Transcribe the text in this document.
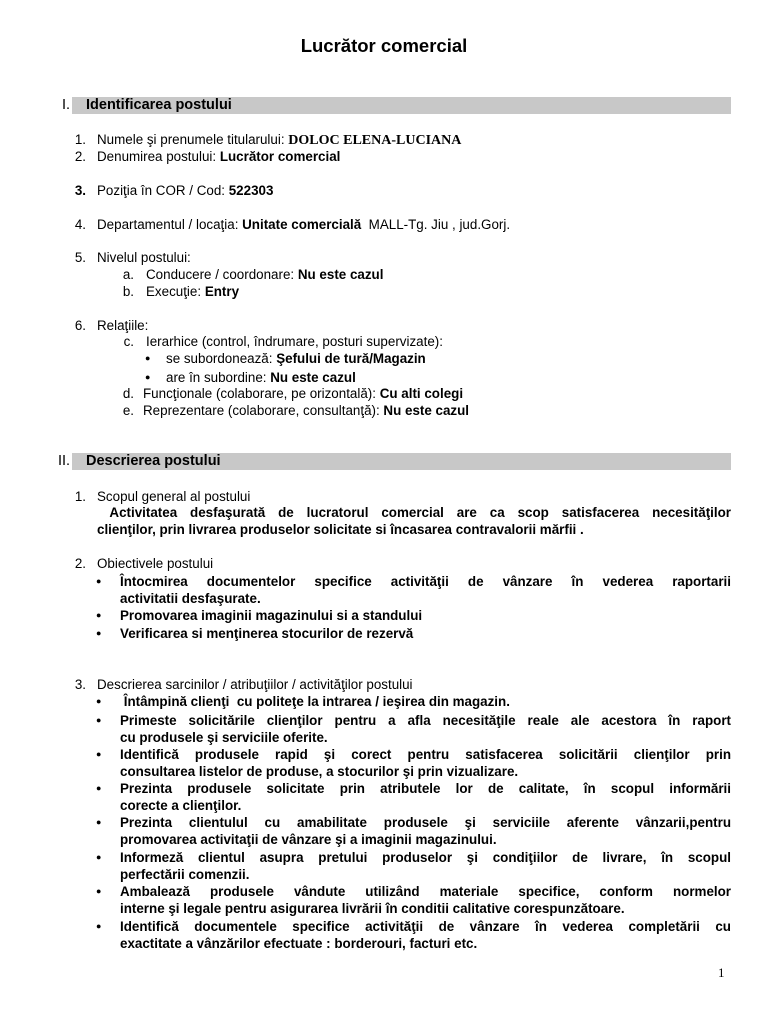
Lucrător comercial
I. Identificarea postului
1. Numele şi prenumele titularului: DOLOC ELENA-LUCIANA
2. Denumirea postului: Lucrător comercial
3. Poziţia în COR / Cod: 522303
4. Departamentul / locaţia: Unitate comercială  MALL-Tg. Jiu , jud.Gorj.
5. Nivelul postului:
a. Conducere / coordonare: Nu este cazul
b. Execuţie: Entry
6. Relaţiile:
c. Ierarhice (control, îndrumare, posturi supervizate):
● se subordonează: Şefului de tură/Magazin
● are în subordine: Nu este cazul
d. Funcţionale (colaborare, pe orizontală): Cu alti colegi
e. Reprezentare (colaborare, consultanţă): Nu este cazul
II. Descrierea postului
1. Scopul general al postului
Activitatea desfaşurată de lucratorul comercial are ca scop satisfacerea necesităţilor
clienţilor, prin livrarea produselor solicitate si încasarea contravalorii mărfii .
2. Obiectivele postului
● Întocmirea documentelor specifice activităţii de vânzare în vederea raportarii
activitatii desfaşurate.
● Promovarea imaginii magazinului si a standului
● Verificarea si menţinerea stocurilor de rezervă
3. Descrierea sarcinilor / atribuţiilor / activităţilor postului
● Întâmpină clienţi  cu politeţe la intrarea / ieşirea din magazin.
● Primeste solicitările clienţilor pentru a afla necesităţile reale ale acestora în raport
cu produsele şi serviciile oferite.
● Identifică produsele rapid şi corect pentru satisfacerea solicitării clienţilor prin
consultarea listelor de produse, a stocurilor şi prin vizualizare.
● Prezinta produsele solicitate prin atributele lor de calitate, în scopul informării
corecte a clienţilor.
● Prezinta clientulul cu amabilitate produsele şi serviciile aferente vânzarii,pentru
promovarea activitaţii de vânzare şi a imaginii magazinului.
● Informeză clientul asupra pretului produselor şi condiţiilor de livrare, în scopul
perfectării comenzii.
● Ambalează produsele vândute utilizând materiale specifice, conform normelor
interne şi legale pentru asigurarea livrării în conditii calitative corespunzătoare.
● Identifică documentele specifice activităţii de vânzare în vederea completării cu
exactitate a vânzărilor efectuate : borderouri, facturi etc.
1
